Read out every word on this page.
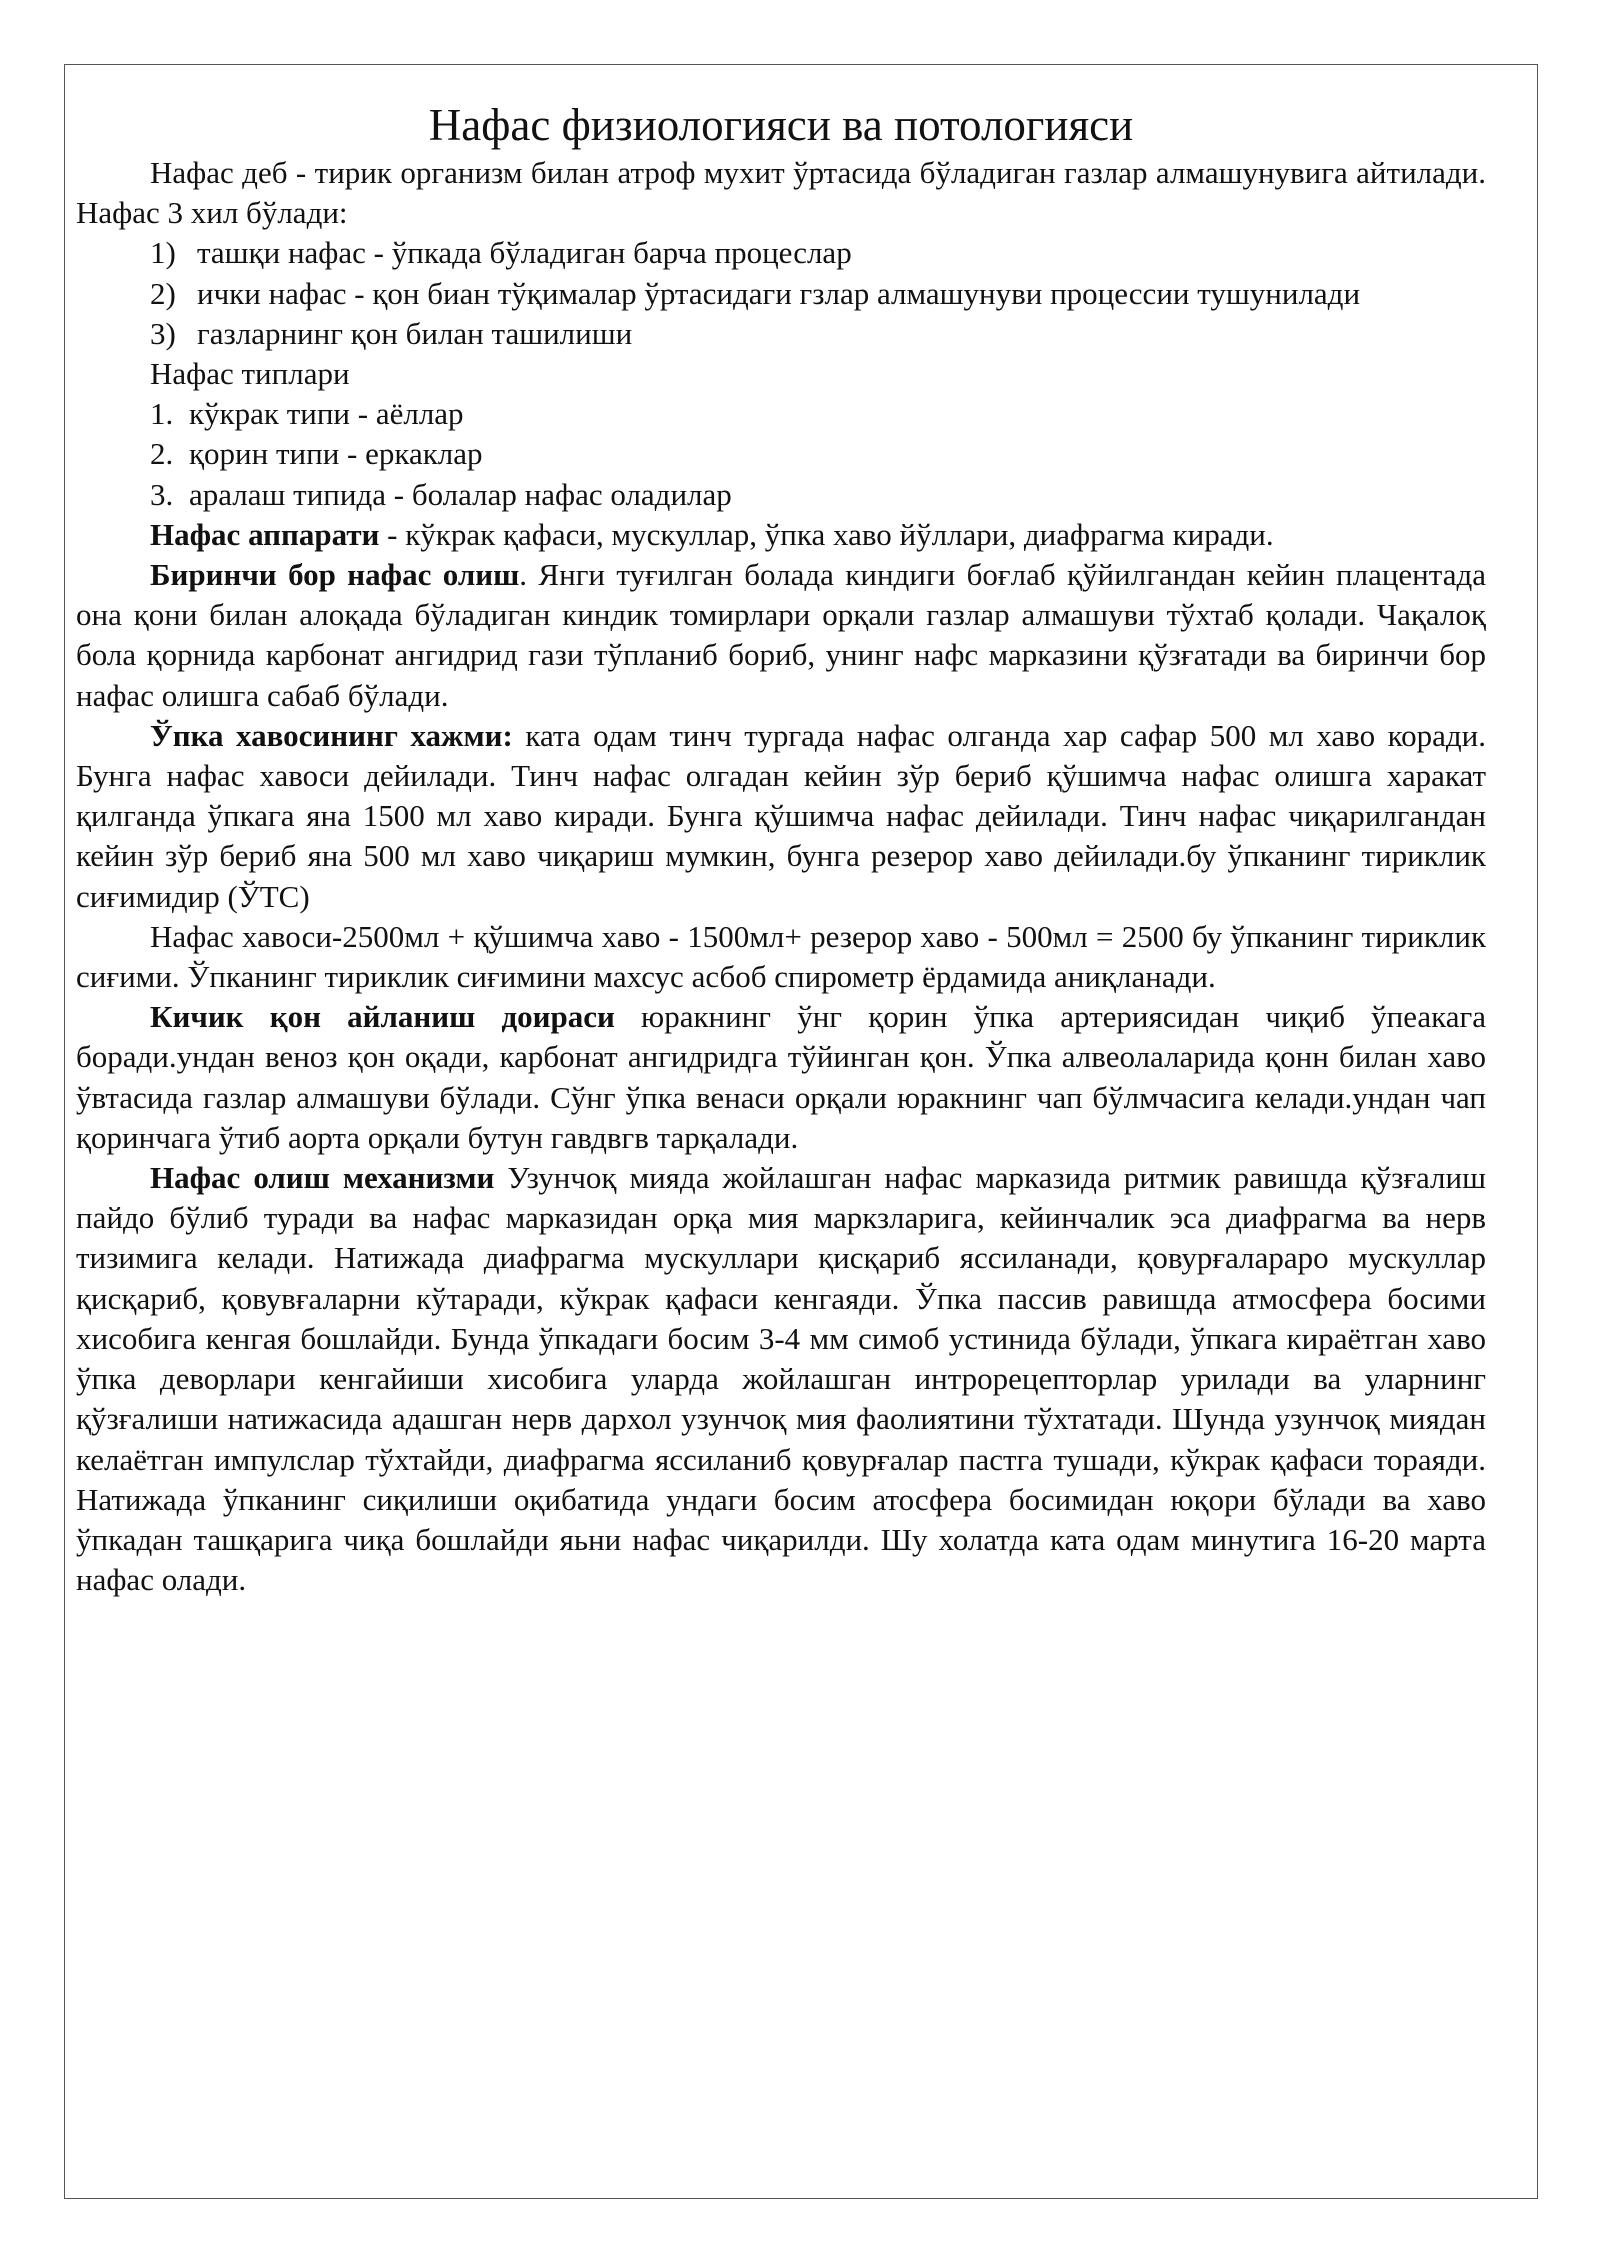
Нафас физиологияси ва потологияси

Нафас деб - тирик организм билан атроф мухит ўртасида бўладиган газлар алмашунувига айтилади. Нафас 3 хил бўлади:

1) ташқи нафас - ўпкада бўладиган барча процеслар
2) ички нафас - қон биан тўқималар ўртасидаги гзлар алмашунуви процессии тушунилади
3) газларнинг қон билан ташилиши

Нафас типлари

1. кўкрак типи - аёллар
2. қорин типи - еркаклар
3. аралаш типида - болалар нафас оладилар

Нафас аппарати - кўкрак қафаси, мускуллар, ўпка хаво йўллари, диафрагма киради.

Биринчи бор нафас олиш. Янги туғилган болада киндиги боғлаб қўйилгандан кейин плацентада она қони билан алоқада бўладиган киндик томирлари орқали газлар алмашуви тўхтаб қолади. Чақалоқ бола қорнида карбонат ангидрид гази тўпланиб бориб, унинг нафс марказини қўзғатади ва биринчи бор нафас олишга сабаб бўлади.

Ўпка хавосининг хажми: ката одам тинч тургада нафас олганда хар сафар 500 мл хаво коради. Бунга нафас хавоси дейилади. Тинч нафас олгадан кейин зўр бериб қўшимча нафас олишга харакат қилганда ўпкага яна 1500 мл хаво киради. Бунга қўшимча нафас дейилади. Тинч нафас чиқарилгандан кейин зўр бериб яна 500 мл хаво чиқариш мумкин, бунга резерор хаво дейилади.бу ўпканинг тириклик сиғимидир (ЎТС)

Нафас хавоси-2500мл + қўшимча хаво - 1500мл+ резерор хаво - 500мл = 2500 бу ўпканинг тириклик сиғими. Ўпканинг тириклик сиғимини махсус асбоб спирометр ёрдамида аниқланади.

Кичик қон айланиш доираси юракнинг ўнг қорин ўпка артериясидан чиқиб ўпеакага боради.ундан веноз қон оқади, карбонат ангидридга тўйинган қон. Ўпка алвеолаларида қонн билан хаво ўвтасида газлар алмашуви бўлади. Сўнг ўпка венаси орқали юракнинг чап бўлмчасига келади.ундан чап қоринчага ўтиб аорта орқали бутун гавдвгв тарқалади.

Нафас олиш механизми Узунчоқ мияда жойлашган нафас марказида ритмик равишда қўзғалиш пайдо бўлиб туради ва нафас марказидан орқа мия маркзларига, кейинчалик эса диафрагма ва нерв тизимига келади. Натижада диафрагма мускуллари қисқариб яссиланади, қовурғалараро мускуллар қисқариб, қовувғаларни кўтаради, кўкрак қафаси кенгаяди. Ўпка пассив равишда атмосфера босими хисобига кенгая бошлайди. Бунда ўпкадаги босим 3-4 мм симоб устинида бўлади, ўпкага кираётган хаво ўпка деворлари кенгайиши хисобига уларда жойлашган интрорецепторлар урилади ва уларнинг қўзғалиши натижасида адашган нерв дархол узунчоқ мия фаолиятини тўхтатади. Шунда узунчоқ миядан келаётган импулслар тўхтайди, диафрагма яссиланиб қовурғалар пастга тушади, кўкрак қафаси тораяди. Натижада ўпканинг сиқилиши оқибатида ундаги босим атосфера босимидан юқори бўлади ва хаво ўпкадан ташқарига чиқа бошлайди яьни нафас чиқарилди. Шу холатда ката одам минутига 16-20 марта нафас олади.
